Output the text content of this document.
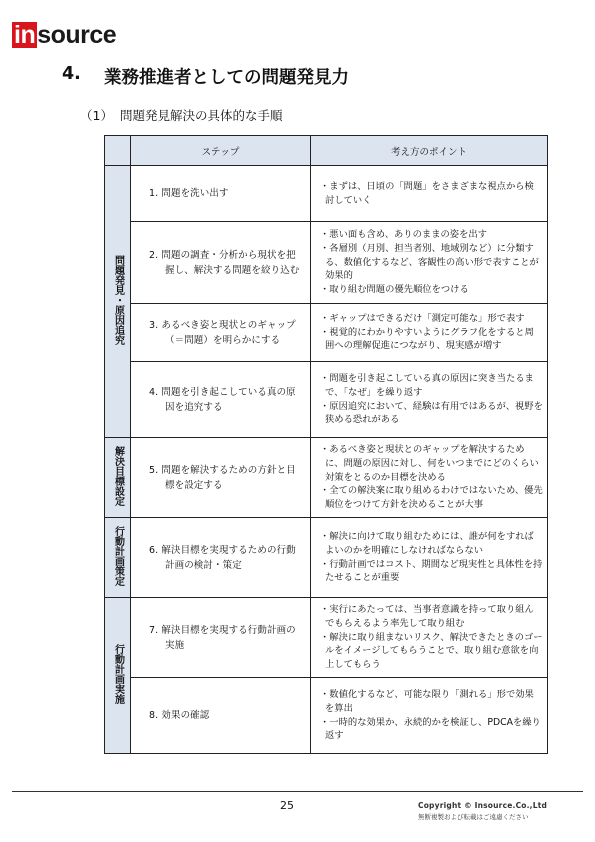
in source
4.	業務推進者としての問題発見力
（1） 問題発見解決の具体的な手順
	ステップ	考え方のポイント
問題発見・原因追究	1. 問題を洗い出す	・まずは、日頃の「問題」をさまざまな視点から検討していく

	2. 問題の調査・分析から現状を把握し、解決する問題を絞り込む	・悪い面も含め、ありのままの姿を出す
・各層別（月別、担当者別、地域別など）に分類する、数値化するなど、客観性の高い形で表すことが効果的
・取り組む問題の優先順位をつける

	3. あるべき姿と現状とのギャップ（＝問題）を明らかにする	・ギャップはできるだけ「測定可能な」形で表す
・視覚的にわかりやすいようにグラフ化をすると周囲への理解促進につながり、現実感が増す

	4. 問題を引き起こしている真の原因を追究する	・問題を引き起こしている真の原因に突き当たるまで、「なぜ」を繰り返す
・原因追究において、経験は有用ではあるが、視野を狭める恐れがある

解決目標設定	5. 問題を解決するための方針と目標を設定する	・あるべき姿と現状とのギャップを解決するために、問題の原因に対し、何をいつまでにどのくらい対策をとるのか目標を決める
・全ての解決案に取り組めるわけではないため、優先順位をつけて方針を決めることが大事

行動計画策定	6. 解決目標を実現するための行動計画の検討・策定	・解決に向けて取り組むためには、誰が何をすればよいのかを明確にしなければならない
・行動計画ではコスト、期間など現実性と具体性を持たせることが重要

行動計画実施	7. 解決目標を実現する行動計画の実施	・実行にあたっては、当事者意識を持って取り組んでもらえるよう率先して取り組む
・解決に取り組まないリスク、解決できたときのゴールをイメージしてもらうことで、取り組む意欲を向上してもらう

	8. 効果の確認	・数値化するなど、可能な限り「測れる」形で効果を算出
・一時的な効果か、永続的かを検証し、PDCAを繰り返す
25	Copyright © Insource.Co.,Ltd
無断複製および転載はご遠慮ください
